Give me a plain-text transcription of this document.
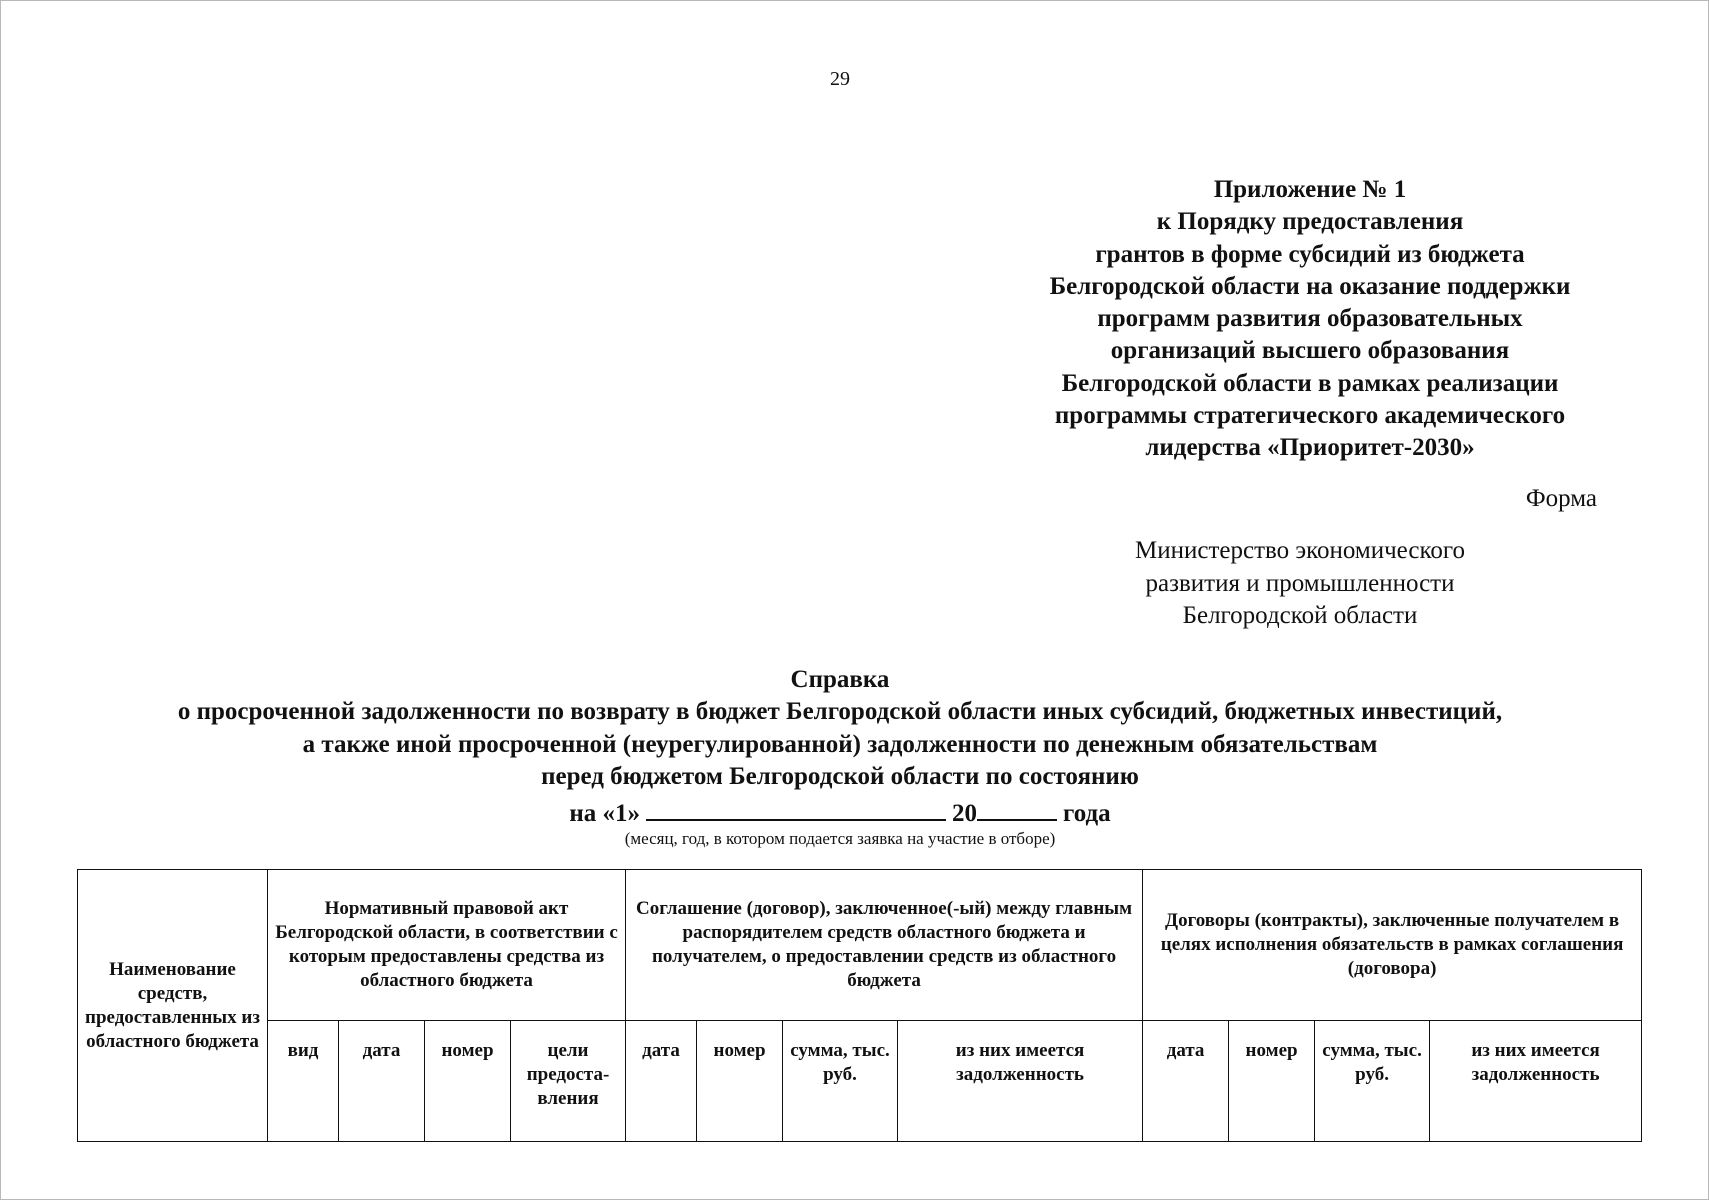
29
Приложение № 1
к Порядку предоставления
грантов в форме субсидий из бюджета
Белгородской области на оказание поддержки
программ развития образовательных
организаций высшего образования
Белгородской области в рамках реализации
программы стратегического академического
лидерства «Приоритет-2030»
Форма
Министерство экономического
развития и промышленности
Белгородской области
Справка
о просроченной задолженности по возврату в бюджет Белгородской области иных субсидий, бюджетных инвестиций,
а также иной просроченной (неурегулированной) задолженности по денежным обязательствам
перед бюджетом Белгородской области по состоянию
на «1»	20	года
(месяц, год, в котором подается заявка на участие в отборе)
Наименование средств, предоставленных из областного бюджета	Нормативный правовой акт Белгородской области, в соответствии с которым предоставлены средства из областного бюджета				Соглашение (договор), заключенное(-ый) между главным распорядителем средств областного бюджета и получателем, о предоставлении средств из областного бюджета				Договоры (контракты), заключенные получателем в целях исполнения обязательств в рамках соглашения (договора)			
	вид	дата	номер	цели предоста-вления	дата	номер	сумма, тыс. руб.	из них имеется задолженность	дата	номер	сумма, тыс. руб.	из них имеется задолженность
